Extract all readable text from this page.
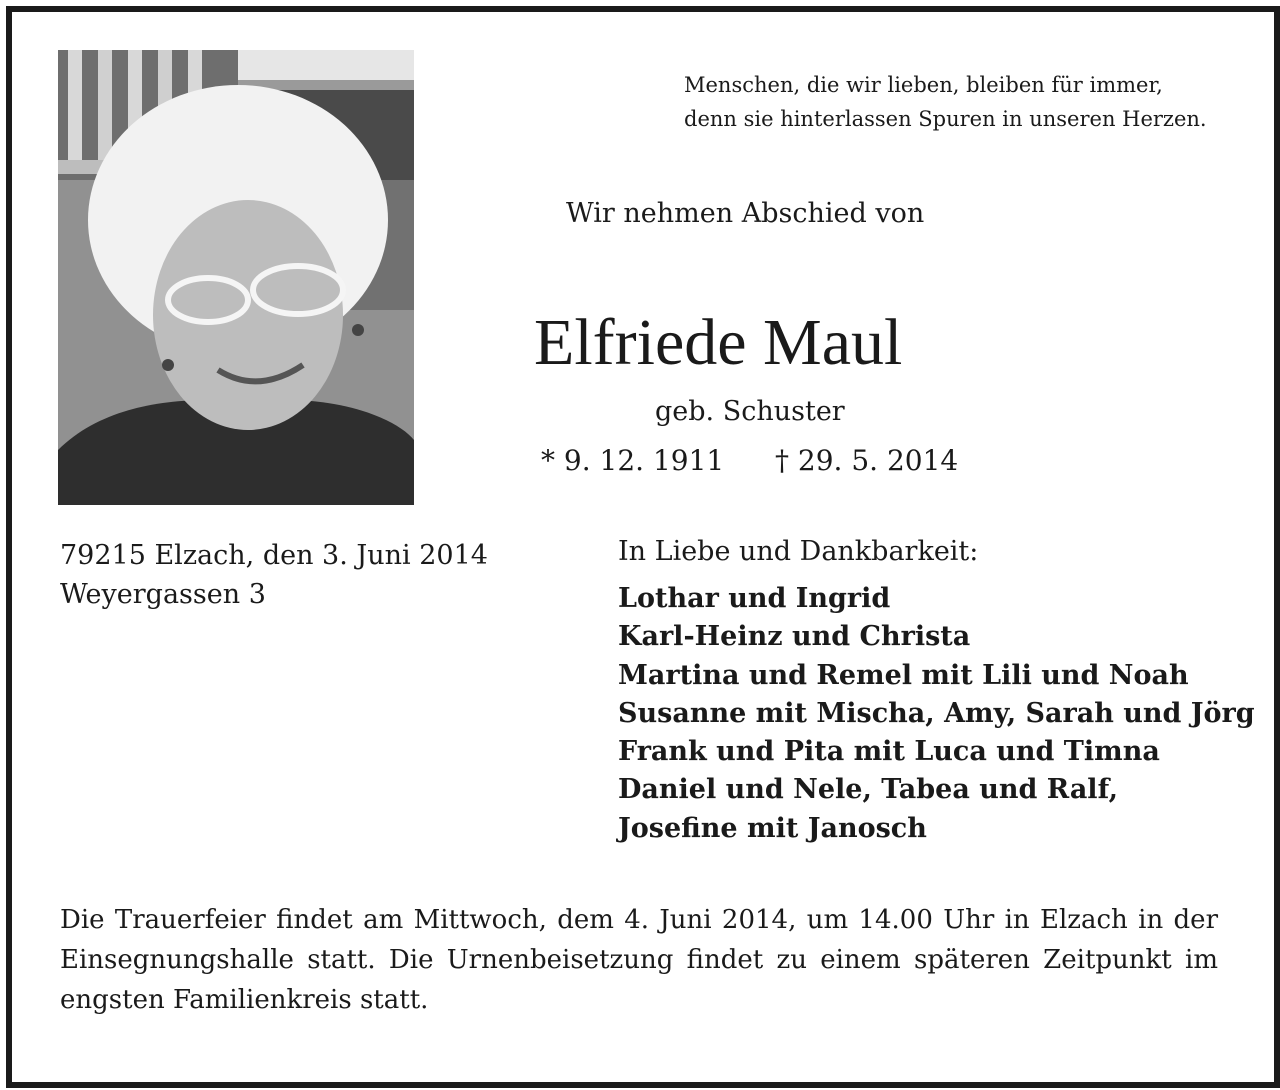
Menschen, die wir lieben, bleiben für immer,
denn sie hinterlassen Spuren in unseren Herzen.
Wir nehmen Abschied von
Elfriede Maul
geb. Schuster
* 9. 12. 1911 † 29. 5. 2014
79215 Elzach, den 3. Juni 2014
Weyergassen 3
In Liebe und Dankbarkeit:
Lothar und Ingrid
Karl-Heinz und Christa
Martina und Remel mit Lili und Noah
Susanne mit Mischa, Amy, Sarah und Jörg
Frank und Pita mit Luca und Timna
Daniel und Nele, Tabea und Ralf,
Josefine mit Janosch
Die Trauerfeier findet am Mittwoch, dem 4. Juni 2014, um 14.00 Uhr in Elzach in der Einsegnungshalle statt. Die Urnenbeisetzung findet zu einem späteren Zeitpunkt im engsten Familienkreis statt.
